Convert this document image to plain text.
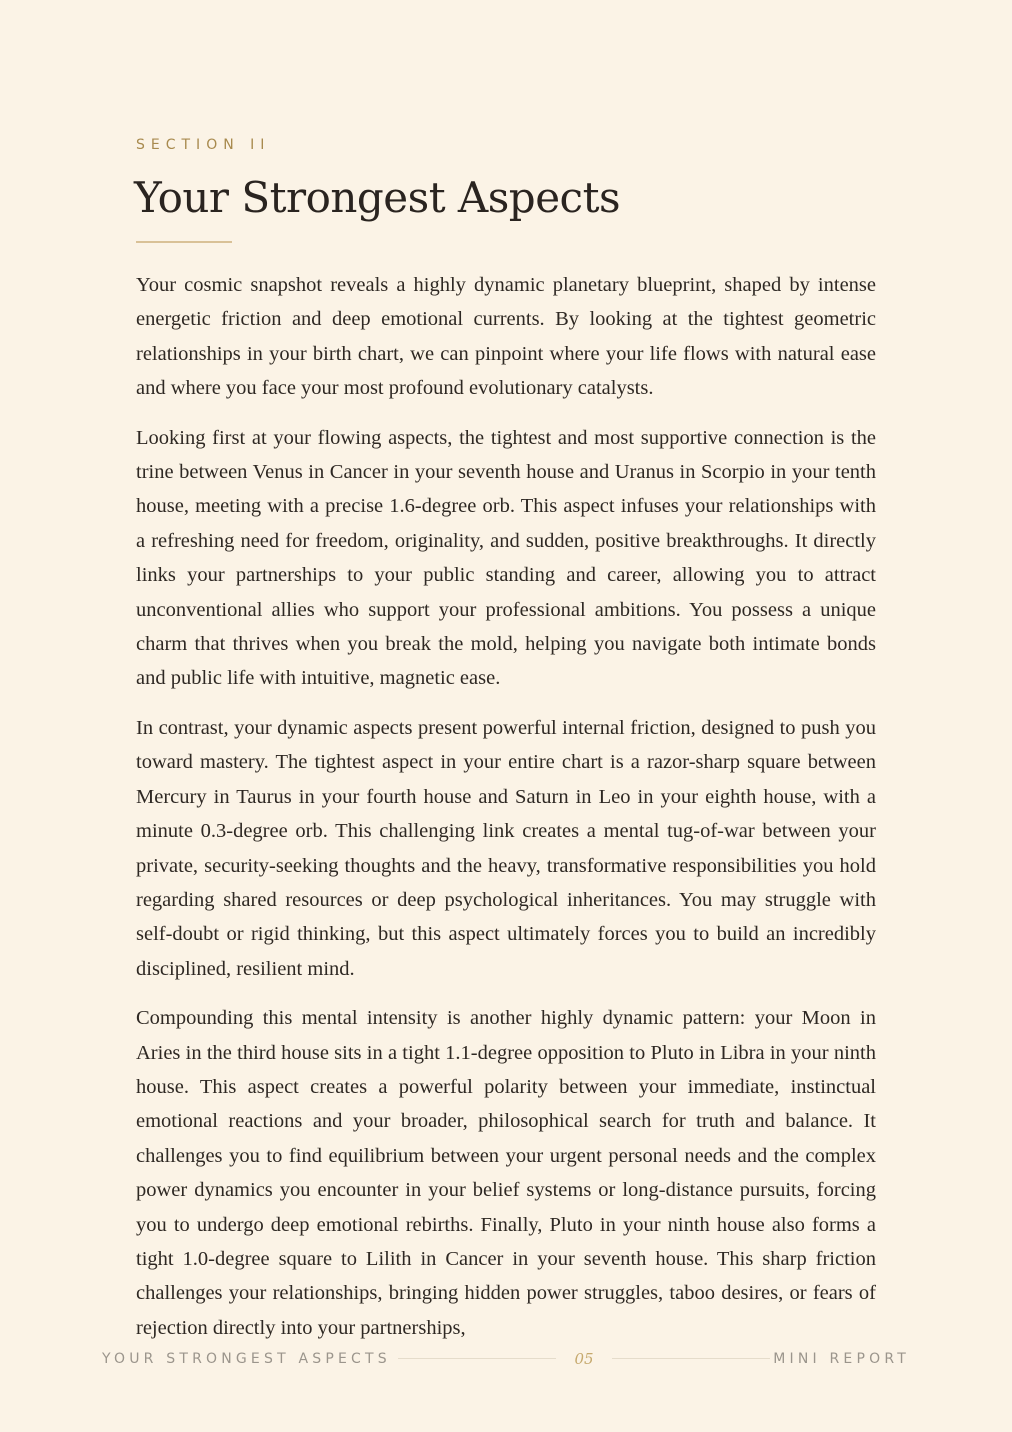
SECTION II
Your Strongest Aspects

Your cosmic snapshot reveals a highly dynamic planetary blueprint, shaped by intense energetic friction and deep emotional currents. By looking at the tightest geometric relationships in your birth chart, we can pinpoint where your life flows with natural ease and where you face your most profound evolutionary catalysts.

Looking first at your flowing aspects, the tightest and most supportive connection is the trine between Venus in Cancer in your seventh house and Uranus in Scorpio in your tenth house, meeting with a precise 1.6-degree orb. This aspect infuses your relationships with a refreshing need for freedom, originality, and sudden, positive breakthroughs. It directly links your partnerships to your public standing and career, allowing you to attract unconventional allies who support your professional ambitions. You possess a unique charm that thrives when you break the mold, helping you navigate both intimate bonds and public life with intuitive, magnetic ease.

In contrast, your dynamic aspects present powerful internal friction, designed to push you toward mastery. The tightest aspect in your entire chart is a razor-sharp square between Mercury in Taurus in your fourth house and Saturn in Leo in your eighth house, with a minute 0.3-degree orb. This challenging link creates a mental tug-of-war between your private, security-seeking thoughts and the heavy, transformative responsibilities you hold regarding shared resources or deep psychological inheritances. You may struggle with self-doubt or rigid thinking, but this aspect ultimately forces you to build an incredibly disciplined, resilient mind.

Compounding this mental intensity is another highly dynamic pattern: your Moon in Aries in the third house sits in a tight 1.1-degree opposition to Pluto in Libra in your ninth house. This aspect creates a powerful polarity between your immediate, instinctual emotional reactions and your broader, philosophical search for truth and balance. It challenges you to find equilibrium between your urgent personal needs and the complex power dynamics you encounter in your belief systems or long-distance pursuits, forcing you to undergo deep emotional rebirths. Finally, Pluto in your ninth house also forms a tight 1.0-degree square to Lilith in Cancer in your seventh house. This sharp friction challenges your relationships, bringing hidden power struggles, taboo desires, or fears of rejection directly into your partnerships,

YOUR STRONGEST ASPECTS	05	MINI REPORT
